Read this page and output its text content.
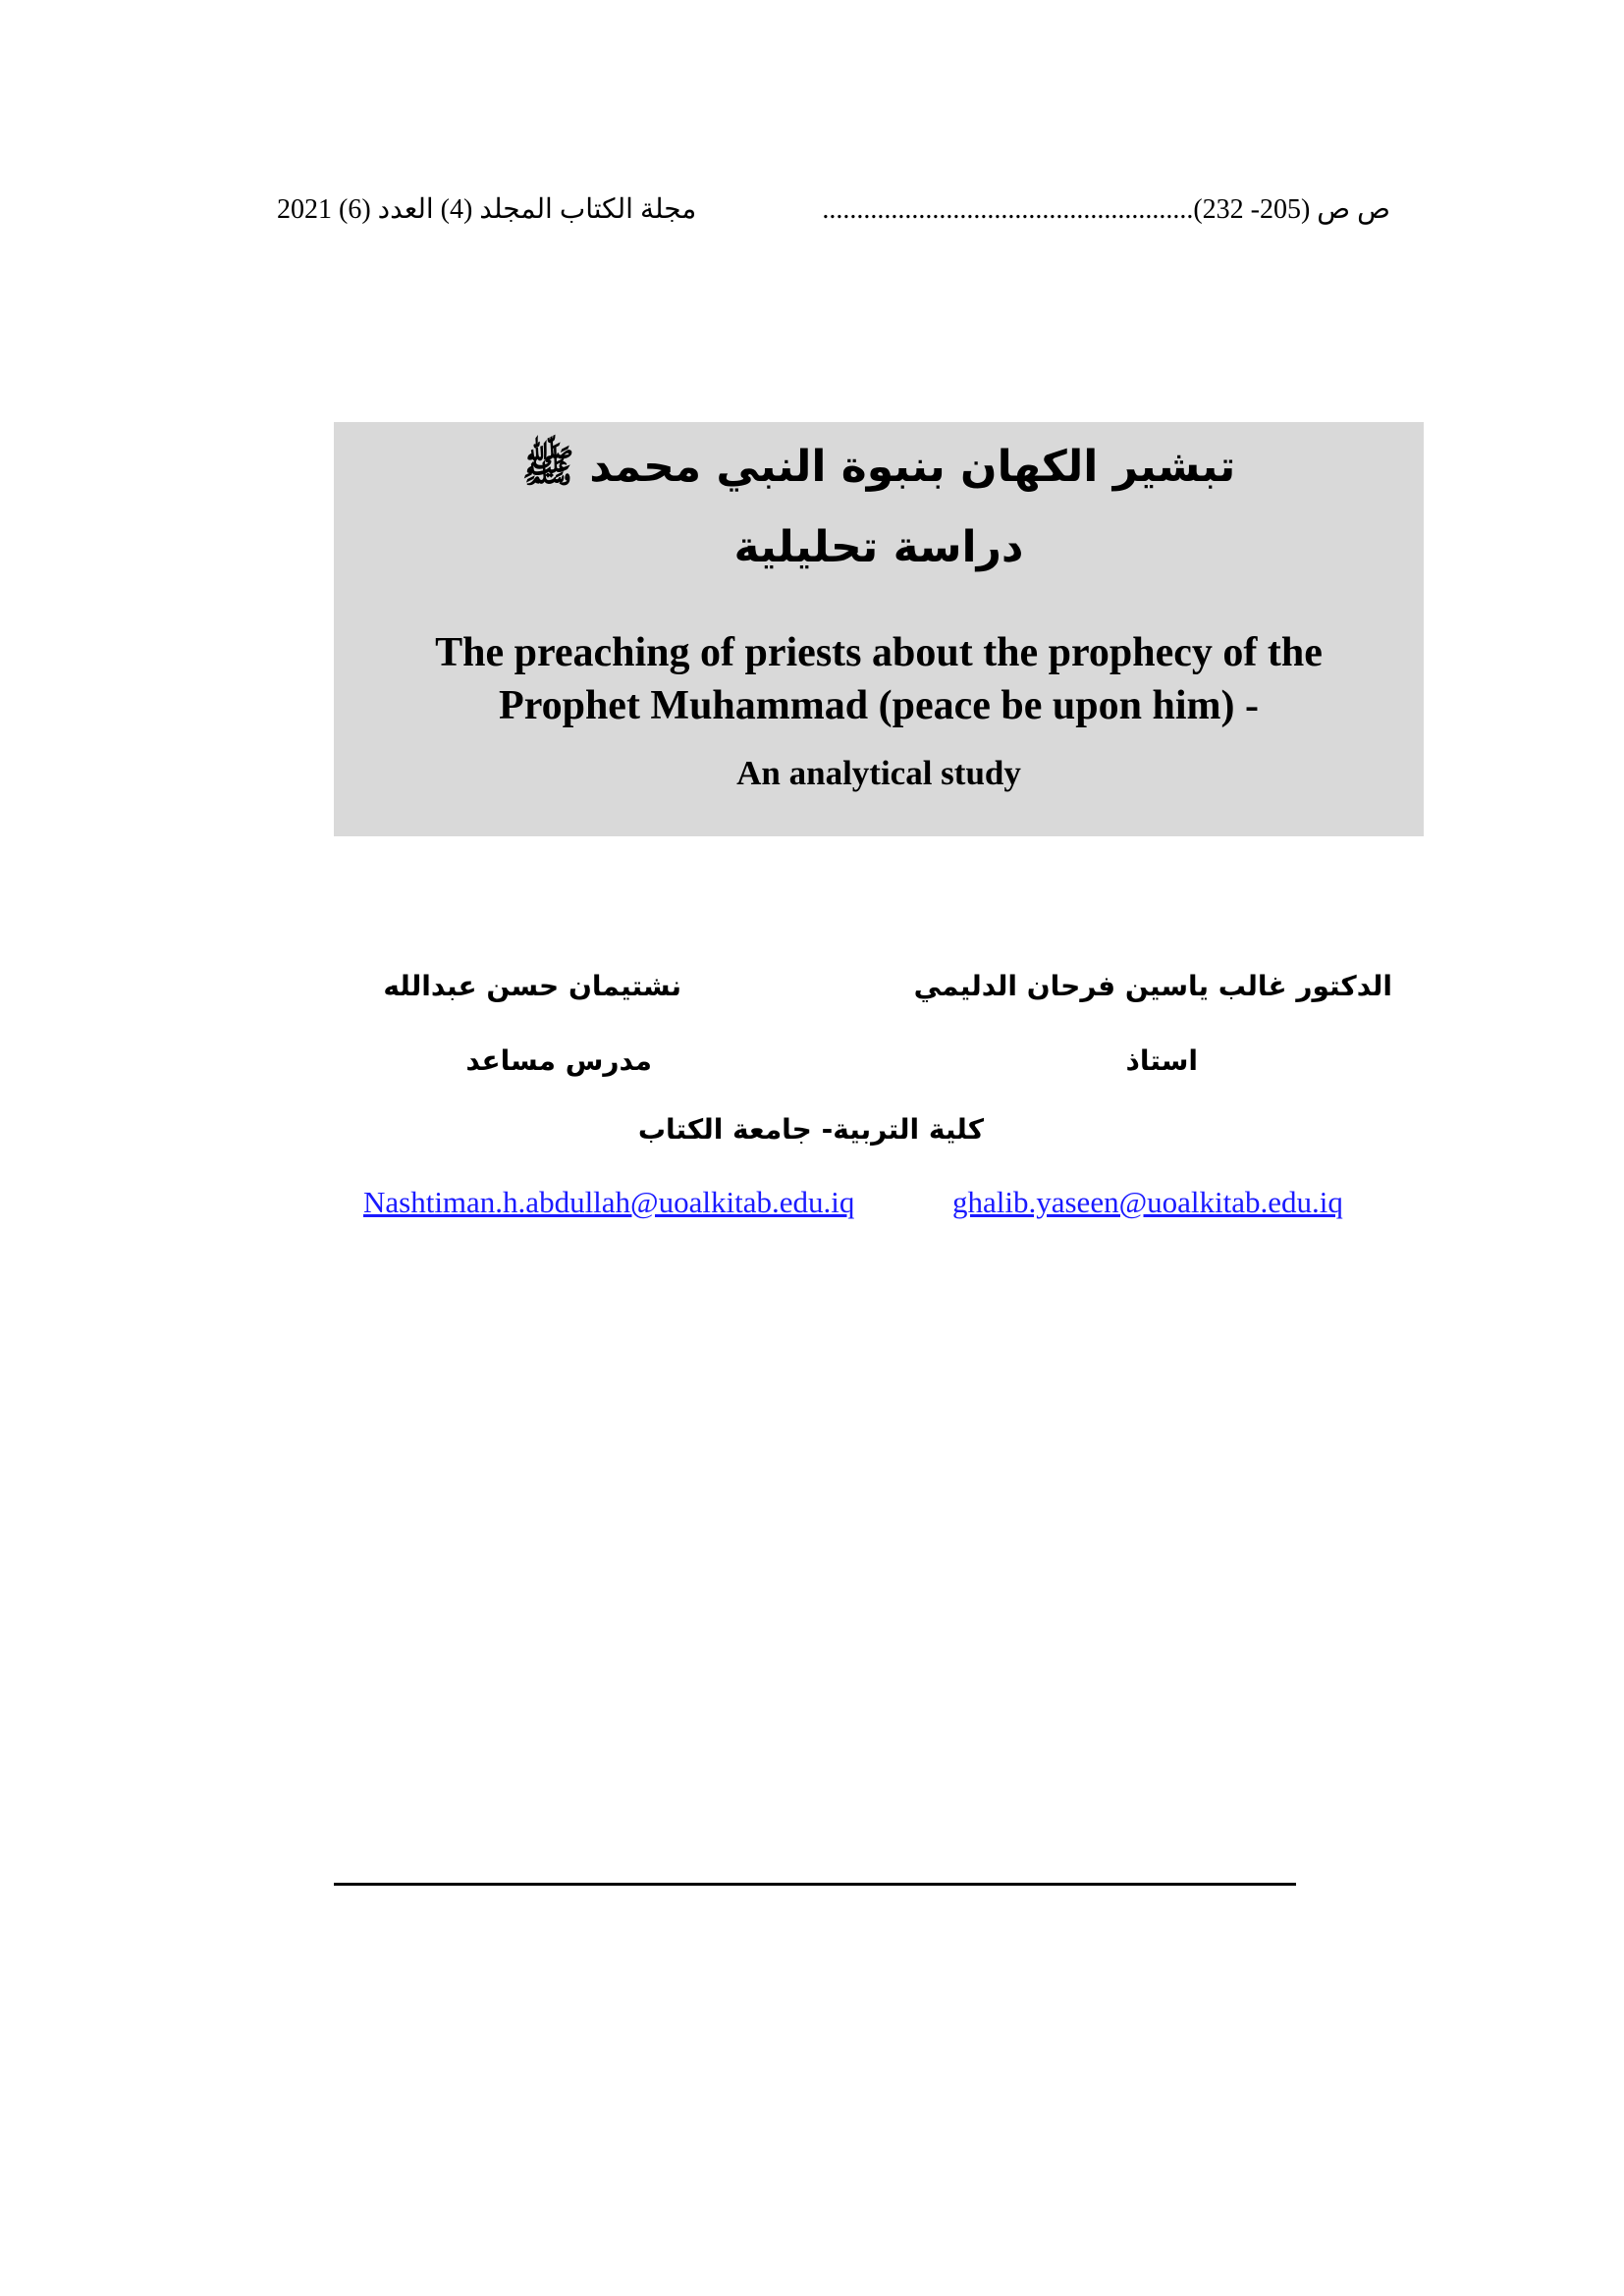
ص ص (205- 232)......................................................
مجلة الكتاب المجلد (4) العدد (6) 2021
تبشير الكهان بنبوة النبي محمد ﷺ
دراسة تحليلية
The preaching of priests about the prophecy of the
Prophet Muhammad (peace be upon him) -
An analytical study
الدكتور غالب ياسين فرحان الدليمي
نشتيمان حسن عبدالله
استاذ
مدرس مساعد
كلية التربية- جامعة الكتاب
ghalib.yaseen@uoalkitab.edu.iq
Nashtiman.h.abdullah@uoalkitab.edu.iq
